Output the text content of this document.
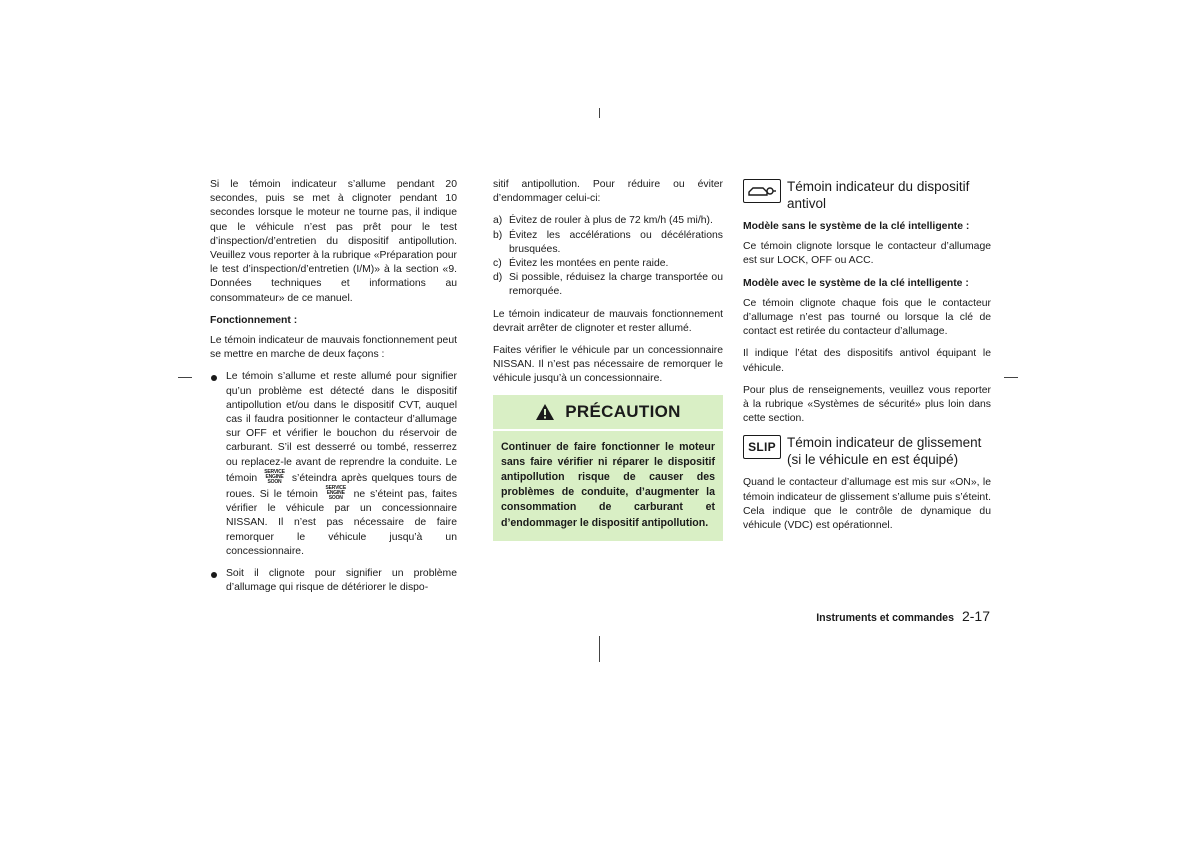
Si le témoin indicateur s’allume pendant 20 secondes, puis se met à clignoter pendant 10 secondes lorsque le moteur ne tourne pas, il indique que le véhicule n’est pas prêt pour le test d’inspection/d’entretien du dispositif antipollution. Veuillez vous reporter à la rubrique «Préparation pour le test d’inspection/d’entretien (I/M)» à la section «9. Données techniques et informations au consommateur» de ce manuel.

Fonctionnement :

Le témoin indicateur de mauvais fonctionnement peut se mettre en marche de deux façons :

Le témoin s’allume et reste allumé pour signifier qu’un problème est détecté dans le dispositif antipollution et/ou dans le dispositif CVT, auquel cas il faudra positionner le contacteur d’allumage sur OFF et vérifier le bouchon du réservoir de carburant. S’il est desserré ou tombé, resserrez ou replacez-le avant de reprendre la conduite. Le témoin
SERVICE
ENGINE
SOON s’éteindra après quelques tours de roues. Si le témoin
SERVICE
ENGINE
SOON	ne s’éteint pas, faites vérifier le véhicule par un concessionnaire NISSAN. Il n’est pas nécessaire de faire remorquer le véhicule jusqu’à un concessionnaire.
Soit il clignote pour signifier un problème d’allumage qui risque de détériorer le dispo-

sitif antipollution. Pour réduire ou éviter d’endommager celui-ci:

a) Évitez de rouler à plus de 72 km/h (45 mi/h).
b) Évitez les accélérations ou décélérations brusquées.
c) Évitez les montées en pente raide.
d) Si possible, réduisez la charge transportée ou remorquée.

Le témoin indicateur de mauvais fonctionnement devrait arrêter de clignoter et rester allumé.

Faites vérifier le véhicule par un concessionnaire NISSAN. Il n’est pas nécessaire de remorquer le véhicule jusqu’à un concessionnaire.

PRÉCAUTION
Continuer de faire fonctionner le moteur sans faire vérifier ni réparer le dispositif antipollution risque de causer des problèmes de conduite, d’augmenter la consommation de carburant et d’endommager le dispositif antipollution.
Témoin indicateur du dispositif antivol

Modèle sans le système de la clé intelligente :

Ce témoin clignote lorsque le contacteur d’allumage est sur LOCK, OFF ou ACC.

Modèle avec le système de la clé intelligente :

Ce témoin clignote chaque fois que le contacteur d’allumage n’est pas tourné ou lorsque la clé de contact est retirée du contacteur d’allumage.

Il indique l’état des dispositifs antivol équipant le véhicule.

Pour plus de renseignements, veuillez vous reporter à la rubrique «Systèmes de sécurité» plus loin dans cette section.

SLIP Témoin indicateur de glissement (si le véhicule en est équipé)

Quand le contacteur d’allumage est mis sur «ON», le témoin indicateur de glissement s’allume puis s’éteint. Cela indique que le contrôle de dynamique du véhicule (VDC) est opérationnel.

Instruments et commandes 2-17
